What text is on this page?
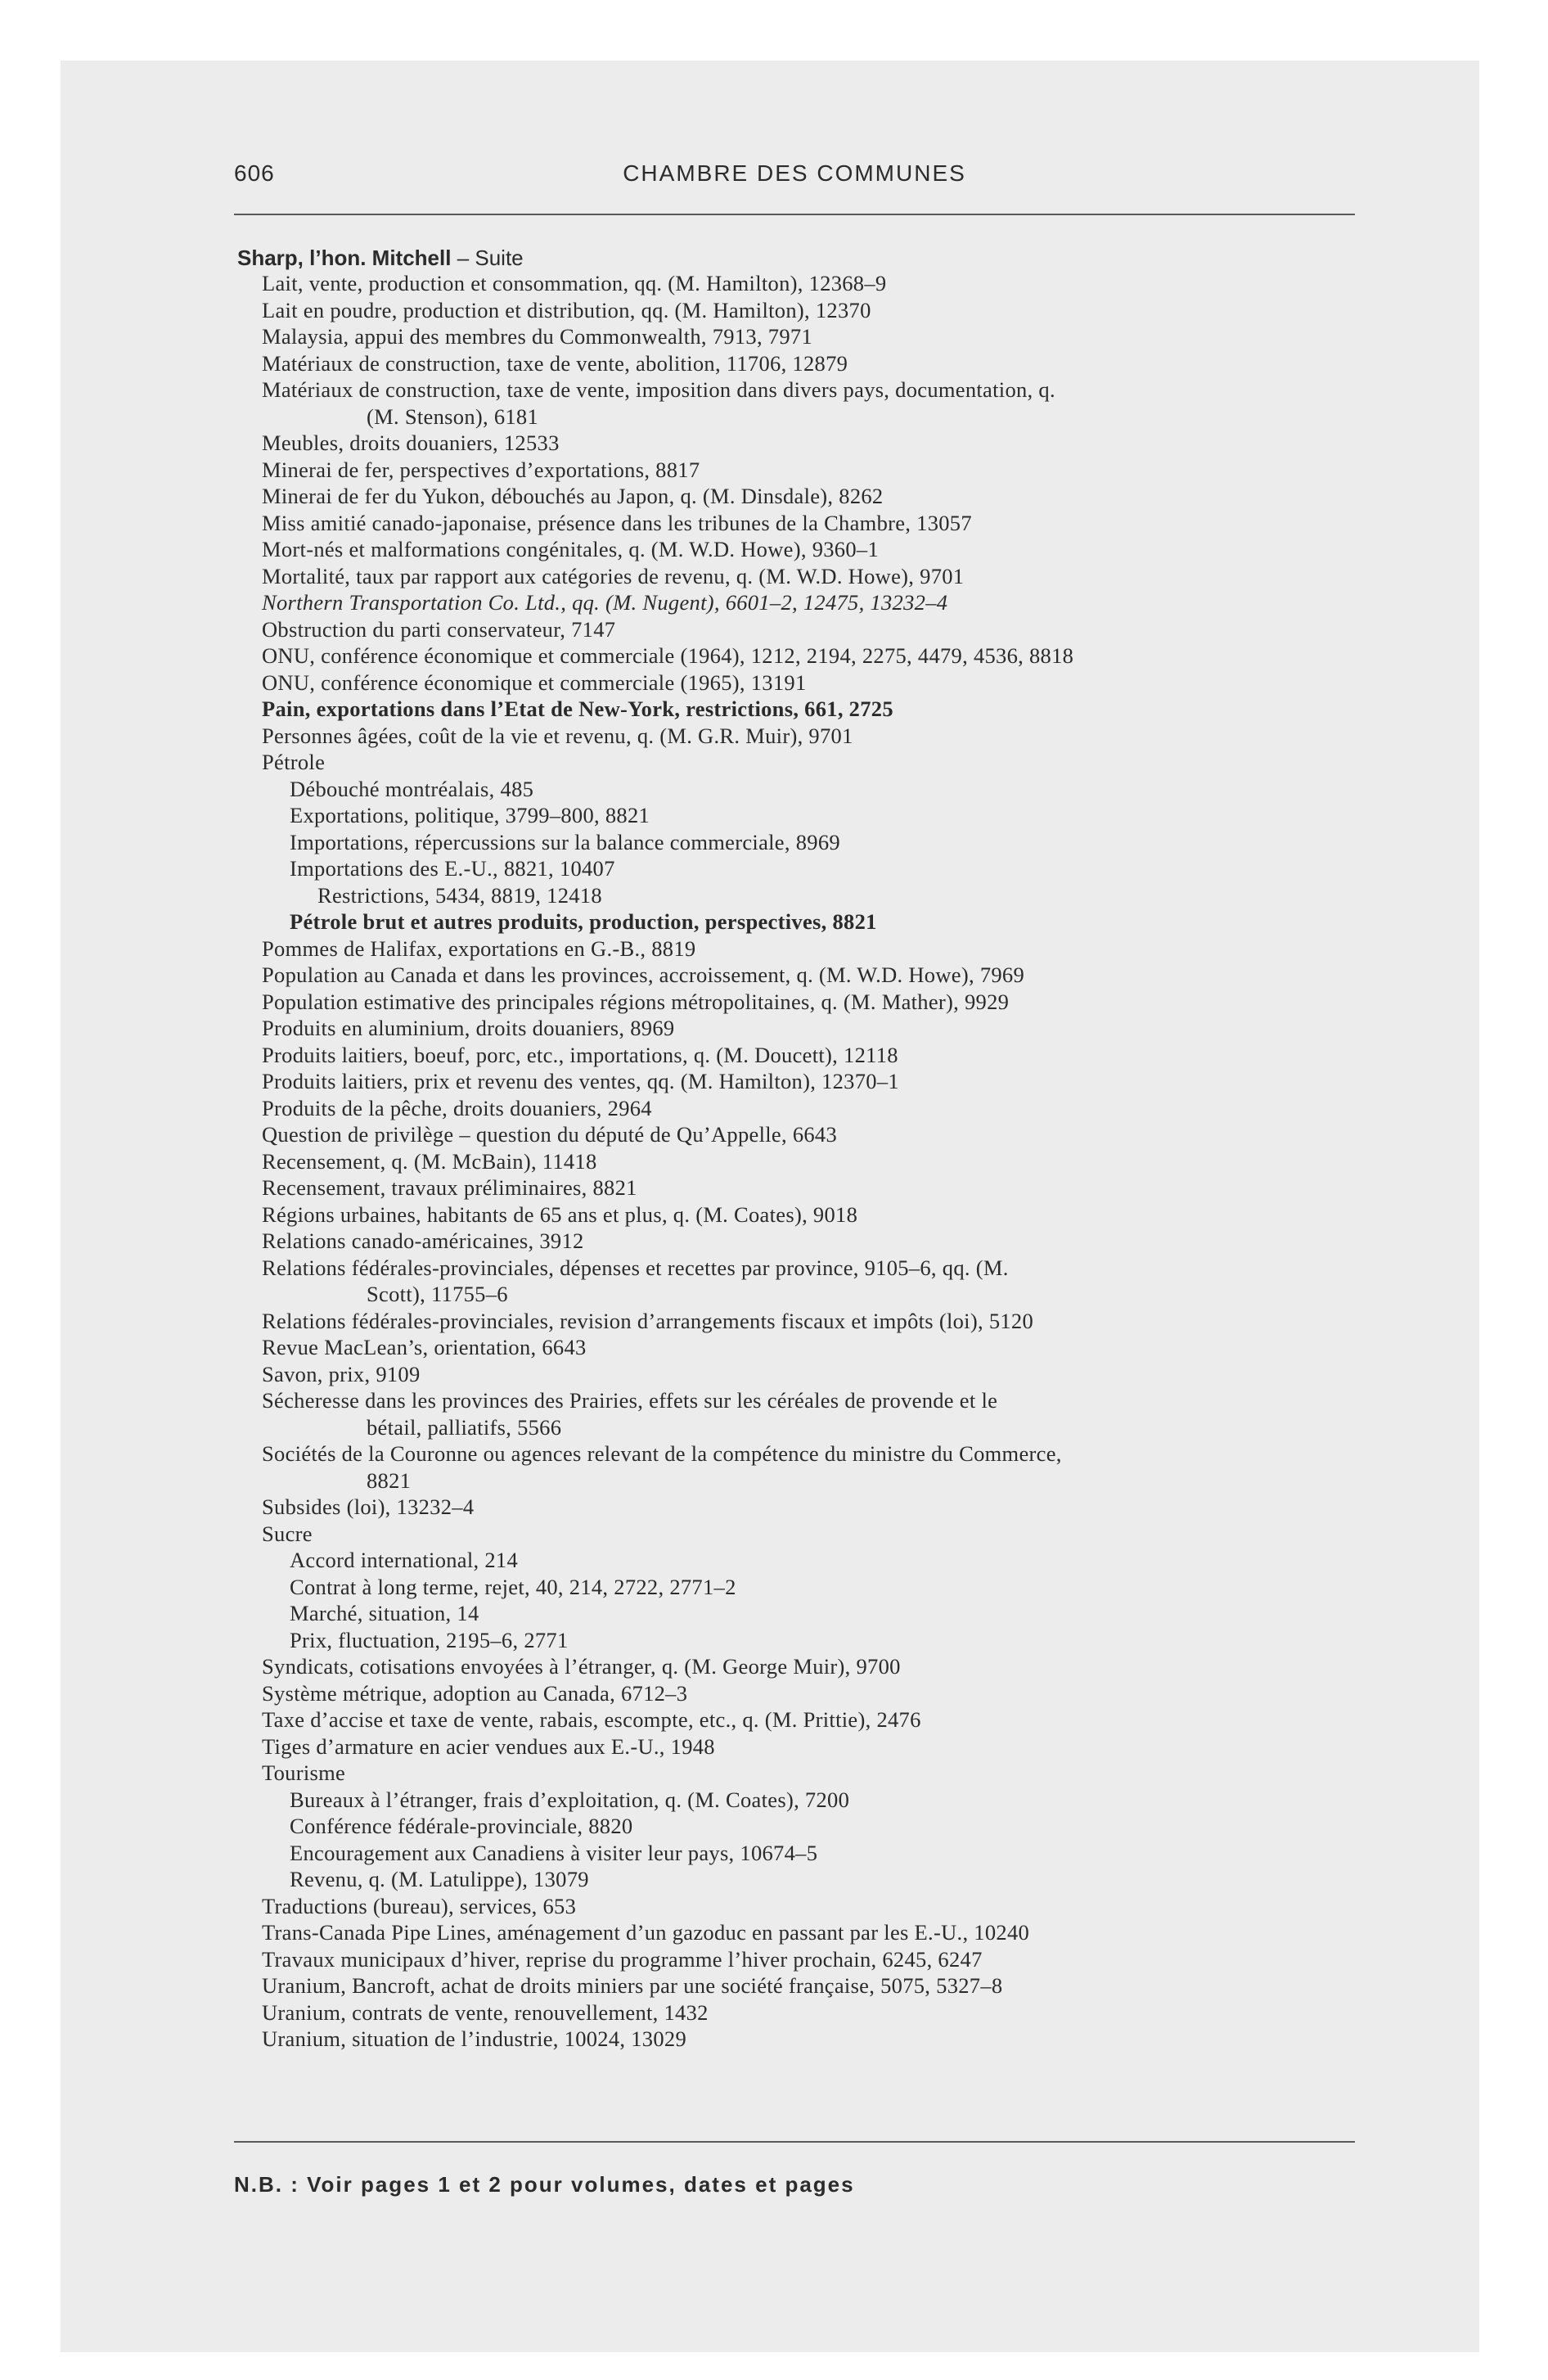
CHAMBRE DES COMMUNES
606
Sharp, l’hon. Mitchell – Suite
Lait, vente, production et consommation, qq. (M. Hamilton), 12368–9
Lait en poudre, production et distribution, qq. (M. Hamilton), 12370
Malaysia, appui des membres du Commonwealth, 7913, 7971
Matériaux de construction, taxe de vente, abolition, 11706, 12879
Matériaux de construction, taxe de vente, imposition dans divers pays, documentation, q.
(M. Stenson), 6181
Meubles, droits douaniers, 12533
Minerai de fer, perspectives d’exportations, 8817
Minerai de fer du Yukon, débouchés au Japon, q. (M. Dinsdale), 8262
Miss amitié canado-japonaise, présence dans les tribunes de la Chambre, 13057
Mort-nés et malformations congénitales, q. (M. W.D. Howe), 9360–1
Mortalité, taux par rapport aux catégories de revenu, q. (M. W.D. Howe), 9701
Northern Transportation Co. Ltd., qq. (M. Nugent), 6601–2, 12475, 13232–4
Obstruction du parti conservateur, 7147
ONU, conférence économique et commerciale (1964), 1212, 2194, 2275, 4479, 4536, 8818
ONU, conférence économique et commerciale (1965), 13191
Pain, exportations dans l’Etat de New-York, restrictions, 661, 2725
Personnes âgées, coût de la vie et revenu, q. (M. G.R. Muir), 9701
Pétrole
Débouché montréalais, 485
Exportations, politique, 3799–800, 8821
Importations, répercussions sur la balance commerciale, 8969
Importations des E.-U., 8821, 10407
Restrictions, 5434, 8819, 12418
Pétrole brut et autres produits, production, perspectives, 8821
Pommes de Halifax, exportations en G.-B., 8819
Population au Canada et dans les provinces, accroissement, q. (M. W.D. Howe), 7969
Population estimative des principales régions métropolitaines, q. (M. Mather), 9929
Produits en aluminium, droits douaniers, 8969
Produits laitiers, boeuf, porc, etc., importations, q. (M. Doucett), 12118
Produits laitiers, prix et revenu des ventes, qq. (M. Hamilton), 12370–1
Produits de la pêche, droits douaniers, 2964
Question de privilège – question du député de Qu’Appelle, 6643
Recensement, q. (M. McBain), 11418
Recensement, travaux préliminaires, 8821
Régions urbaines, habitants de 65 ans et plus, q. (M. Coates), 9018
Relations canado-américaines, 3912
Relations fédérales-provinciales, dépenses et recettes par province, 9105–6, qq. (M.
Scott), 11755–6
Relations fédérales-provinciales, revision d’arrangements fiscaux et impôts (loi), 5120
Revue MacLean’s, orientation, 6643
Savon, prix, 9109
Sécheresse dans les provinces des Prairies, effets sur les céréales de provende et le
bétail, palliatifs, 5566
Sociétés de la Couronne ou agences relevant de la compétence du ministre du Commerce,
8821
Subsides (loi), 13232–4
Sucre
Accord international, 214
Contrat à long terme, rejet, 40, 214, 2722, 2771–2
Marché, situation, 14
Prix, fluctuation, 2195–6, 2771
Syndicats, cotisations envoyées à l’étranger, q. (M. George Muir), 9700
Système métrique, adoption au Canada, 6712–3
Taxe d’accise et taxe de vente, rabais, escompte, etc., q. (M. Prittie), 2476
Tiges d’armature en acier vendues aux E.-U., 1948
Tourisme
Bureaux à l’étranger, frais d’exploitation, q. (M. Coates), 7200
Conférence fédérale-provinciale, 8820
Encouragement aux Canadiens à visiter leur pays, 10674–5
Revenu, q. (M. Latulippe), 13079
Traductions (bureau), services, 653
Trans-Canada Pipe Lines, aménagement d’un gazoduc en passant par les E.-U., 10240
Travaux municipaux d’hiver, reprise du programme l’hiver prochain, 6245, 6247
Uranium, Bancroft, achat de droits miniers par une société française, 5075, 5327–8
Uranium, contrats de vente, renouvellement, 1432
Uranium, situation de l’industrie, 10024, 13029
N.B. : Voir pages 1 et 2 pour volumes, dates et pages
